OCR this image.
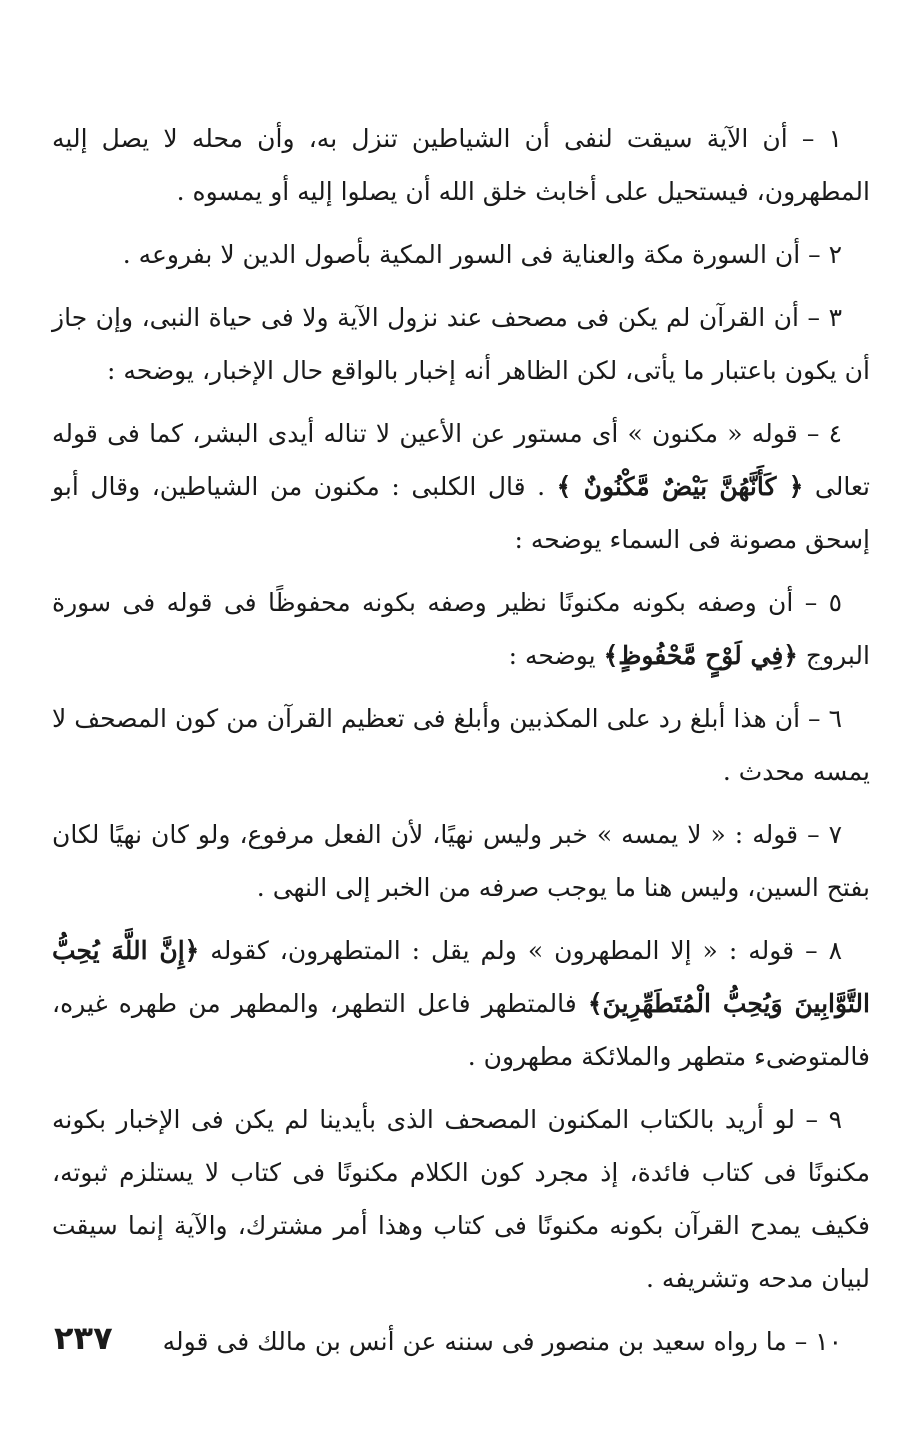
١ – أن الآية سيقت لنفى أن الشياطين تنزل به، وأن محله لا يصل إليه المطهرون، فيستحيل على أخابث خلق الله أن يصلوا إليه أو يمسوه .

٢ – أن السورة مكة والعناية فى السور المكية بأصول الدين لا بفروعه .

٣ – أن القرآن لم يكن فى مصحف عند نزول الآية ولا فى حياة النبى، وإن جاز أن يكون باعتبار ما يأتى، لكن الظاهر أنه إخبار بالواقع حال الإخبار، يوضحه :

٤ – قوله « مكنون » أى مستور عن الأعين لا تناله أيدى البشر، كما فى قوله تعالى ﴿ كَأَنَّهُنَّ بَيْضٌ مَّكْنُونٌ ﴾ . قال الكلبى : مكنون من الشياطين، وقال أبو إسحق مصونة فى السماء يوضحه :

٥ – أن وصفه بكونه مكنونًا نظير وصفه بكونه محفوظًا فى قوله فى سورة البروج ﴿فِي لَوْحٍ مَّحْفُوظٍ﴾ يوضحه :

٦ – أن هذا أبلغ رد على المكذبين وأبلغ فى تعظيم القرآن من كون المصحف لا يمسه محدث .

٧ – قوله : « لا يمسه » خبر وليس نهيًا، لأن الفعل مرفوع، ولو كان نهيًا لكان بفتح السين، وليس هنا ما يوجب صرفه من الخبر إلى النهى .

٨ – قوله : « إلا المطهرون » ولم يقل : المتطهرون، كقوله ﴿إِنَّ اللَّهَ يُحِبُّ التَّوَّابِينَ وَيُحِبُّ الْمُتَطَهِّرِينَ﴾ فالمتطهر فاعل التطهر، والمطهر من طهره غيره، فالمتوضىء متطهر والملائكة مطهرون .

٩ – لو أريد بالكتاب المكنون المصحف الذى بأيدينا لم يكن فى الإخبار بكونه مكنونًا فى كتاب فائدة، إذ مجرد كون الكلام مكنونًا فى كتاب لا يستلزم ثبوته، فكيف يمدح القرآن بكونه مكنونًا فى كتاب وهذا أمر مشترك، والآية إنما سيقت لبيان مدحه وتشريفه .

١٠ – ما رواه سعيد بن منصور فى سننه عن أنس بن مالك فى قوله

٢٣٧
